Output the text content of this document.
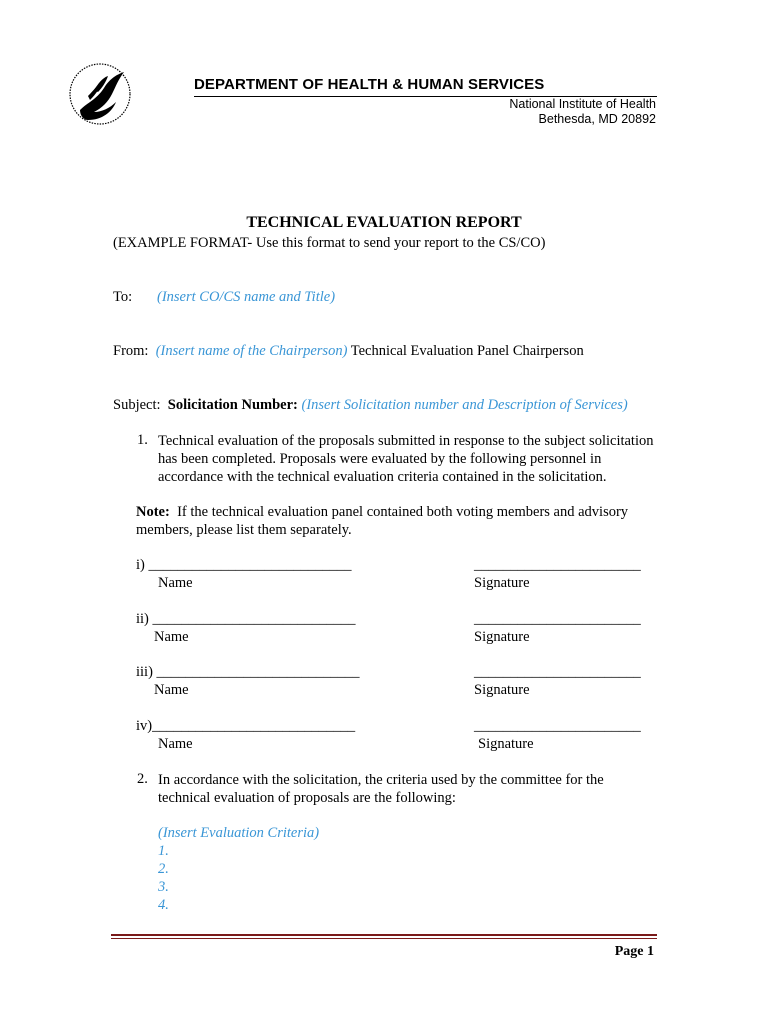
DEPARTMENT OF HEALTH & HUMAN SERVICES
National Institute of Health
Bethesda, MD 20892
TECHNICAL EVALUATION REPORT
(EXAMPLE FORMAT- Use this format to send your report to the CS/CO)
To: (Insert CO/CS name and Title)
From: (Insert name of the Chairperson) Technical Evaluation Panel Chairperson
Subject: Solicitation Number: (Insert Solicitation number and Description of Services)
1. Technical evaluation of the proposals submitted in response to the subject solicitation has been completed. Proposals were evaluated by the following personnel in accordance with the technical evaluation criteria contained in the solicitation.
Note: If the technical evaluation panel contained both voting members and advisory members, please list them separately.
i) ____________________________	_______________________
Name	Signature
ii) ____________________________	_______________________
Name	Signature
iii) ____________________________	_______________________
Name	Signature
iv)____________________________	_______________________
Name	Signature
2. In accordance with the solicitation, the criteria used by the committee for the technical evaluation of proposals are the following:
(Insert Evaluation Criteria)
1.
2.
3.
4.
Page 1
